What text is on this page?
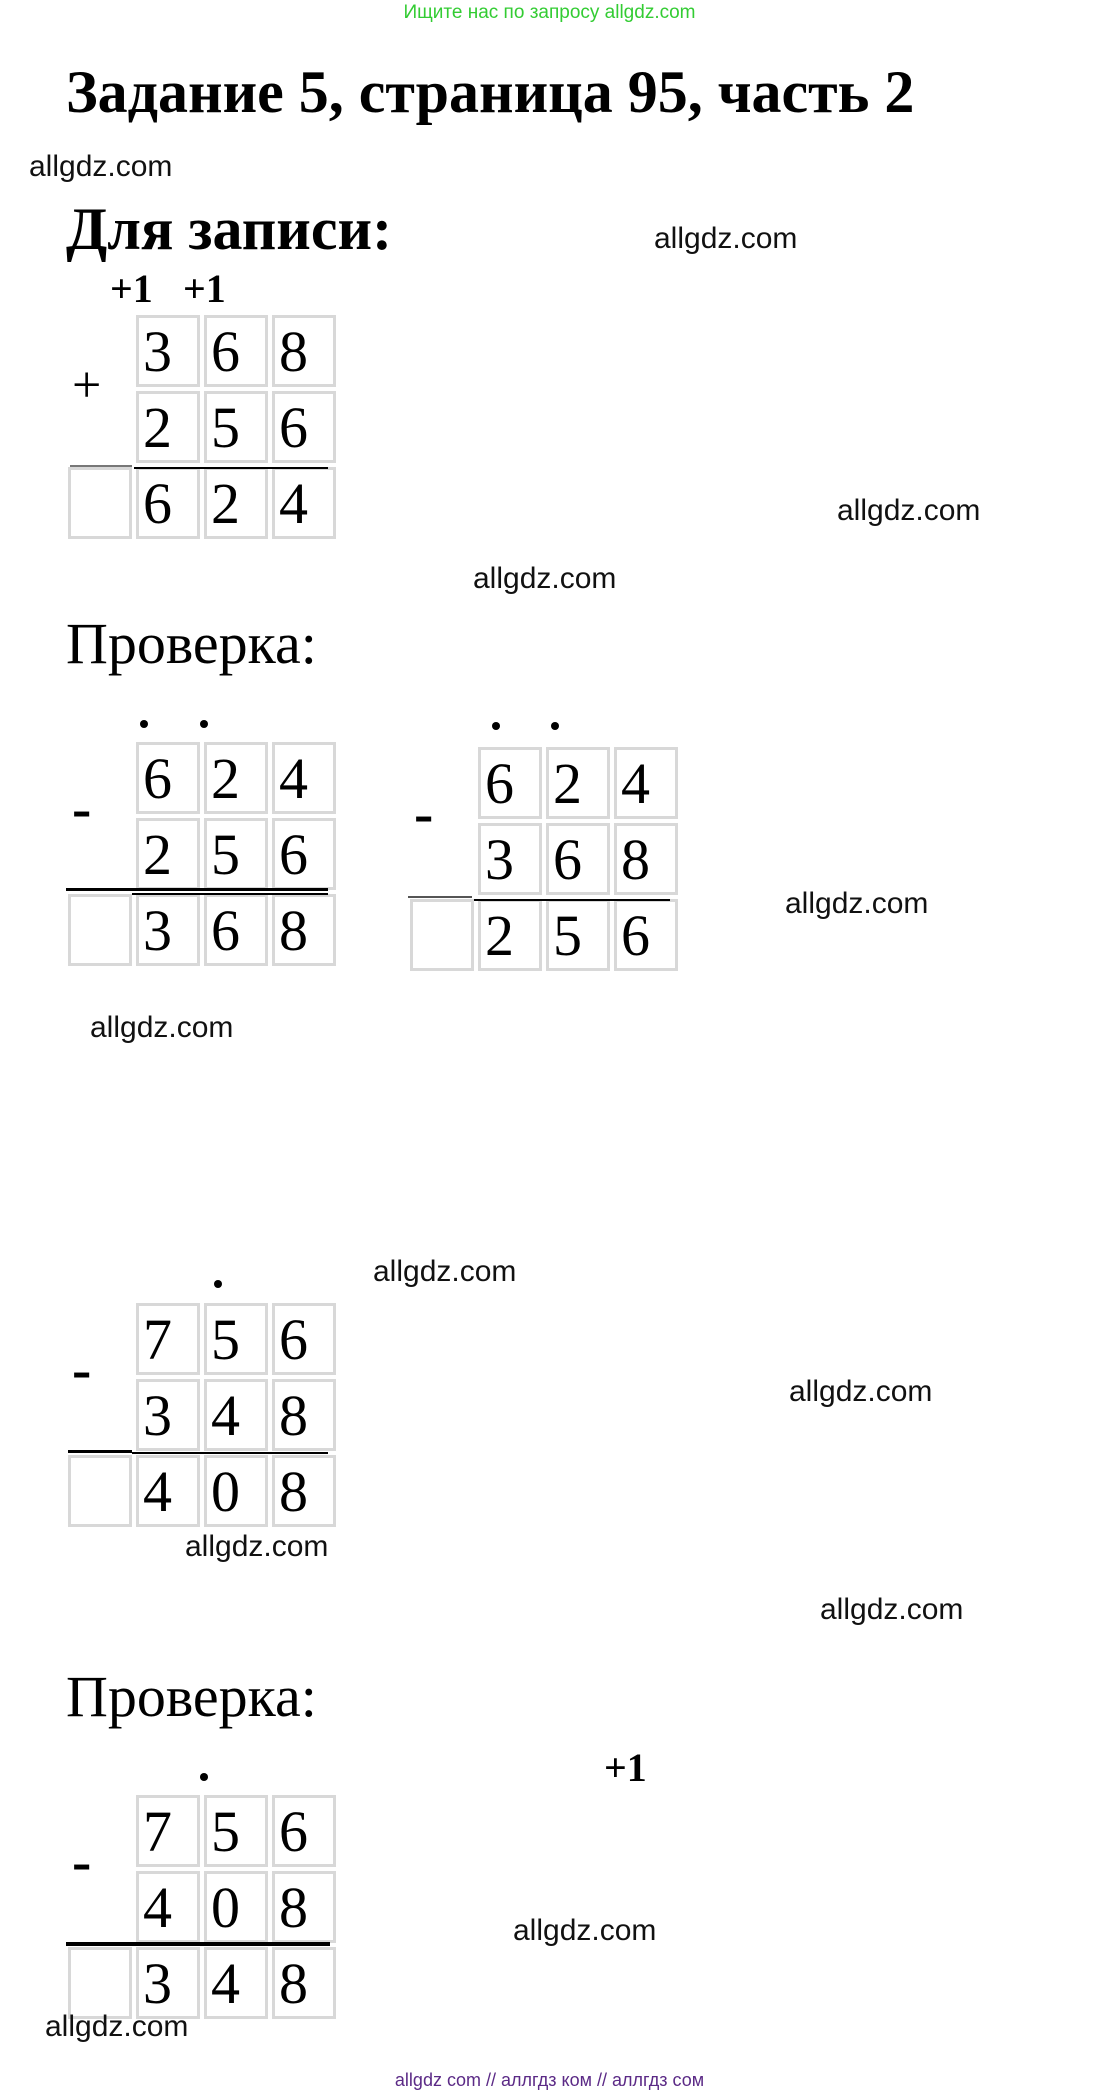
Ищите нас по запросу allgdz.com
Задание 5, страница 95, часть 2
allgdz.com
Для записи:	allgdz.com
+1 +1
+
3 6 8
2 5 6
6 2 4	allgdz.com
allgdz.com
Проверка:
- 6 2 4
2 5 6
3 6 8
- 6 2 4
3 6 8
2 5 6	allgdz.com
allgdz.com
allgdz.com
- 7 5 6
3 4 8
4 0 8
allgdz.com
allgdz.com
allgdz.com
Проверка:
+1
- 7 5 6
4 0 8
3 4 8
allgdz.com
allgdz.com
allgdz com // аллгдз ком // аллгдз сом
